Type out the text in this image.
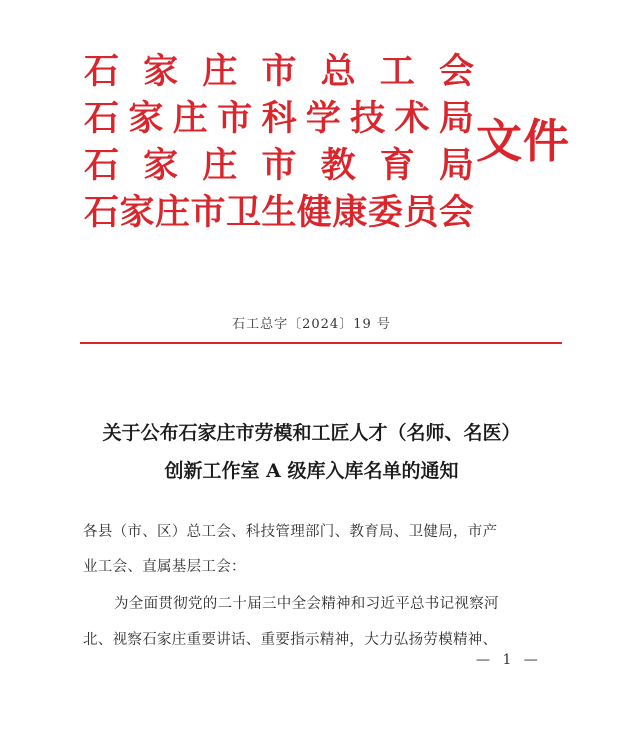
石 家 庄 市 总 工 会
石 家 庄 市 科 学 技 术 局
石 家 庄 市 教 育 局
石 家 庄 市 卫 生 健 康 委 员 会
文件
石工总字〔2024〕19 号
关于公布石家庄市劳模和工匠人才（名师、名医）
创新工作室 A 级库入库名单的通知
各县（市、区）总工会、科技管理部门、教育局、卫健局，市产
业工会、直属基层工会：
为全面贯彻党的二十届三中全会精神和习近平总书记视察河
北、视察石家庄重要讲话、重要指示精神，大力弘扬劳模精神、
— 1 —
